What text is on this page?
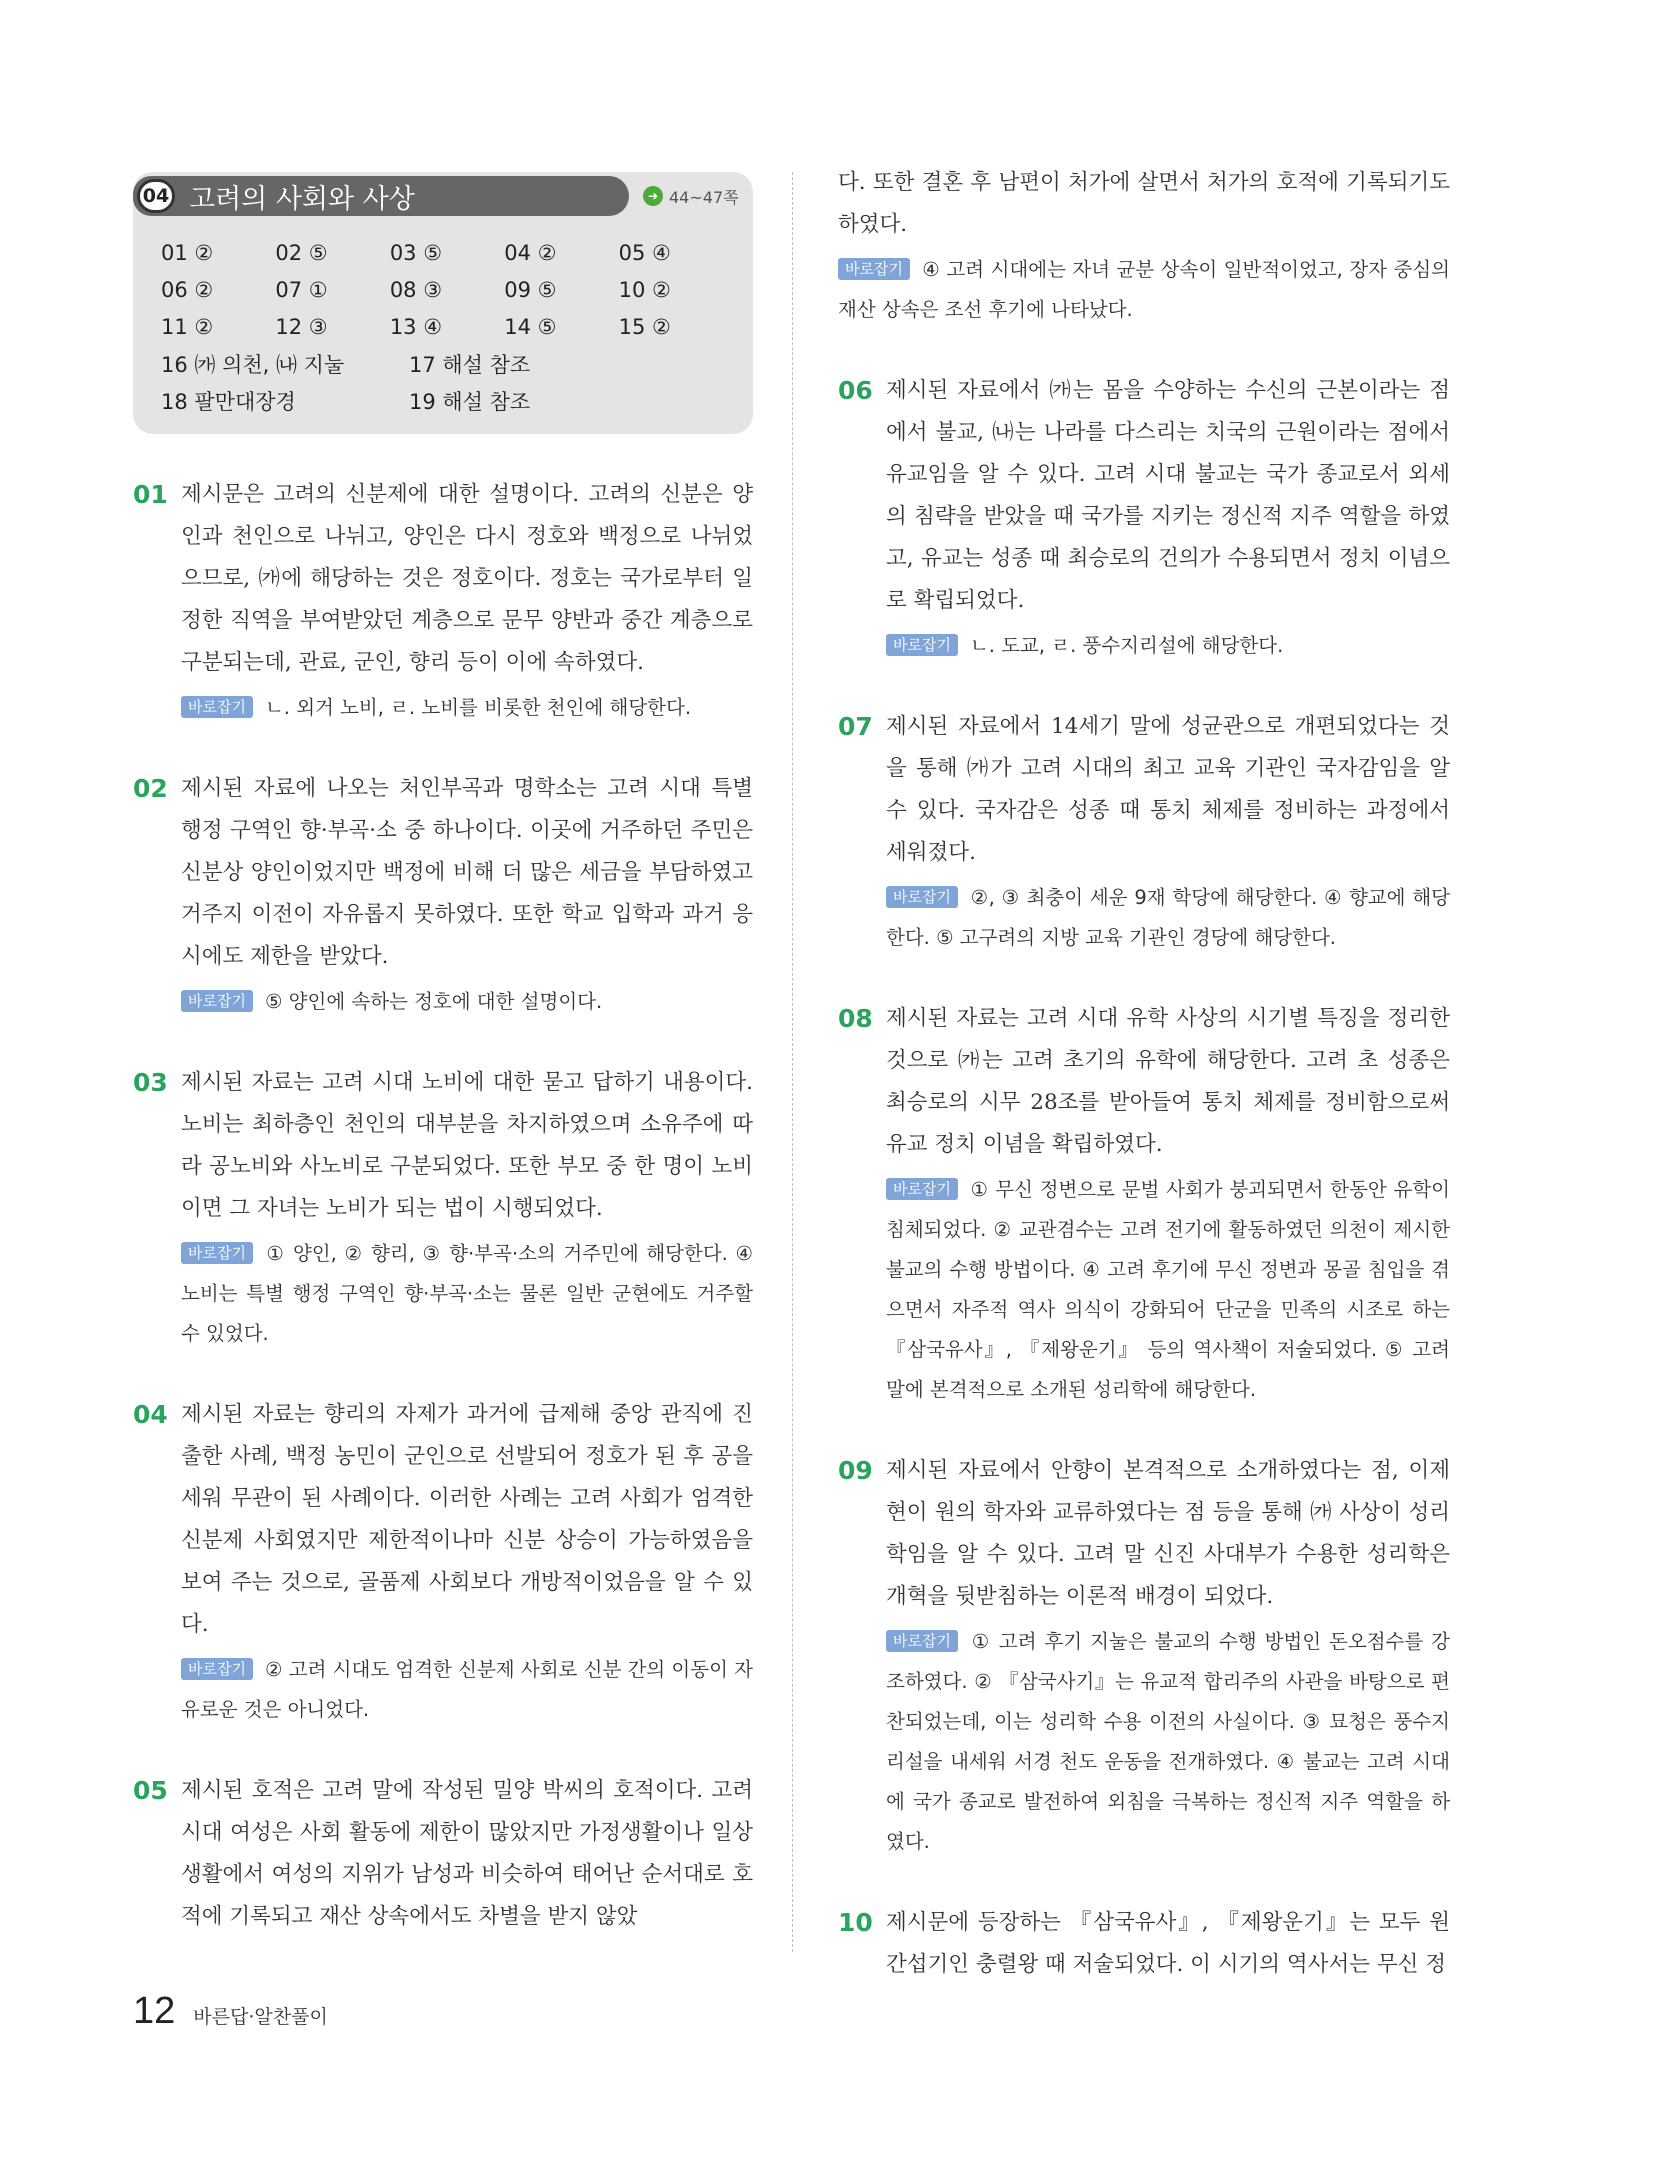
04 고려의 사회와 사상	➔ 44~47쪽
01 ②	02 ⑤	03 ⑤	04 ②	05 ④
06 ②	07 ①	08 ③	09 ⑤	10 ②
11 ②	12 ③	13 ④	14 ⑤	15 ②
16 ㈎ 의천, ㈏ 지눌	17 해설 참조
18 팔만대장경	19 해설 참조
01 제시문은 고려의 신분제에 대한 설명이다. 고려의 신분은 양인과 천인으로 나뉘고, 양인은 다시 정호와 백정으로 나뉘었으므로, ㈎에 해당하는 것은 정호이다. 정호는 국가로부터 일정한 직역을 부여받았던 계층으로 문무 양반과 중간 계층으로 구분되는데, 관료, 군인, 향리 등이 이에 속하였다.
바로잡기 ㄴ. 외거 노비, ㄹ. 노비를 비롯한 천인에 해당한다.
02 제시된 자료에 나오는 처인부곡과 명학소는 고려 시대 특별 행정 구역인 향·부곡·소 중 하나이다. 이곳에 거주하던 주민은 신분상 양인이었지만 백정에 비해 더 많은 세금을 부담하였고 거주지 이전이 자유롭지 못하였다. 또한 학교 입학과 과거 응시에도 제한을 받았다.
바로잡기 ⑤ 양인에 속하는 정호에 대한 설명이다.
03 제시된 자료는 고려 시대 노비에 대한 묻고 답하기 내용이다. 노비는 최하층인 천인의 대부분을 차지하였으며 소유주에 따라 공노비와 사노비로 구분되었다. 또한 부모 중 한 명이 노비이면 그 자녀는 노비가 되는 법이 시행되었다.
바로잡기 ① 양인, ② 향리, ③ 향·부곡·소의 거주민에 해당한다. ④ 노비는 특별 행정 구역인 향·부곡·소는 물론 일반 군현에도 거주할 수 있었다.
04 제시된 자료는 향리의 자제가 과거에 급제해 중앙 관직에 진출한 사례, 백정 농민이 군인으로 선발되어 정호가 된 후 공을 세워 무관이 된 사례이다. 이러한 사례는 고려 사회가 엄격한 신분제 사회였지만 제한적이나마 신분 상승이 가능하였음을 보여 주는 것으로, 골품제 사회보다 개방적이었음을 알 수 있다.
바로잡기 ② 고려 시대도 엄격한 신분제 사회로 신분 간의 이동이 자유로운 것은 아니었다.
05 제시된 호적은 고려 말에 작성된 밀양 박씨의 호적이다. 고려 시대 여성은 사회 활동에 제한이 많았지만 가정생활이나 일상생활에서 여성의 지위가 남성과 비슷하여 태어난 순서대로 호적에 기록되고 재산 상속에서도 차별을 받지 않았
다. 또한 결혼 후 남편이 처가에 살면서 처가의 호적에 기록되기도 하였다.
바로잡기 ④ 고려 시대에는 자녀 균분 상속이 일반적이었고, 장자 중심의 재산 상속은 조선 후기에 나타났다.
06 제시된 자료에서 ㈎는 몸을 수양하는 수신의 근본이라는 점에서 불교, ㈏는 나라를 다스리는 치국의 근원이라는 점에서 유교임을 알 수 있다. 고려 시대 불교는 국가 종교로서 외세의 침략을 받았을 때 국가를 지키는 정신적 지주 역할을 하였고, 유교는 성종 때 최승로의 건의가 수용되면서 정치 이념으로 확립되었다.
바로잡기 ㄴ. 도교, ㄹ. 풍수지리설에 해당한다.
07 제시된 자료에서 14세기 말에 성균관으로 개편되었다는 것을 통해 ㈎가 고려 시대의 최고 교육 기관인 국자감임을 알 수 있다. 국자감은 성종 때 통치 체제를 정비하는 과정에서 세워졌다.
바로잡기 ②, ③ 최충이 세운 9재 학당에 해당한다. ④ 향교에 해당한다. ⑤ 고구려의 지방 교육 기관인 경당에 해당한다.
08 제시된 자료는 고려 시대 유학 사상의 시기별 특징을 정리한 것으로 ㈎는 고려 초기의 유학에 해당한다. 고려 초 성종은 최승로의 시무 28조를 받아들여 통치 체제를 정비함으로써 유교 정치 이념을 확립하였다.
바로잡기 ① 무신 정변으로 문벌 사회가 붕괴되면서 한동안 유학이 침체되었다. ② 교관겸수는 고려 전기에 활동하였던 의천이 제시한 불교의 수행 방법이다. ④ 고려 후기에 무신 정변과 몽골 침입을 겪으면서 자주적 역사 의식이 강화되어 단군을 민족의 시조로 하는 『삼국유사』, 『제왕운기』 등의 역사책이 저술되었다. ⑤ 고려 말에 본격적으로 소개된 성리학에 해당한다.
09 제시된 자료에서 안향이 본격적으로 소개하였다는 점, 이제현이 원의 학자와 교류하였다는 점 등을 통해 ㈎ 사상이 성리학임을 알 수 있다. 고려 말 신진 사대부가 수용한 성리학은 개혁을 뒷받침하는 이론적 배경이 되었다.
바로잡기 ① 고려 후기 지눌은 불교의 수행 방법인 돈오점수를 강조하였다. ② 『삼국사기』는 유교적 합리주의 사관을 바탕으로 편찬되었는데, 이는 성리학 수용 이전의 사실이다. ③ 묘청은 풍수지리설을 내세워 서경 천도 운동을 전개하였다. ④ 불교는 고려 시대에 국가 종교로 발전하여 외침을 극복하는 정신적 지주 역할을 하였다.
10 제시문에 등장하는 『삼국유사』, 『제왕운기』는 모두 원 간섭기인 충렬왕 때 저술되었다. 이 시기의 역사서는 무신 정
12 바른답·알찬풀이
